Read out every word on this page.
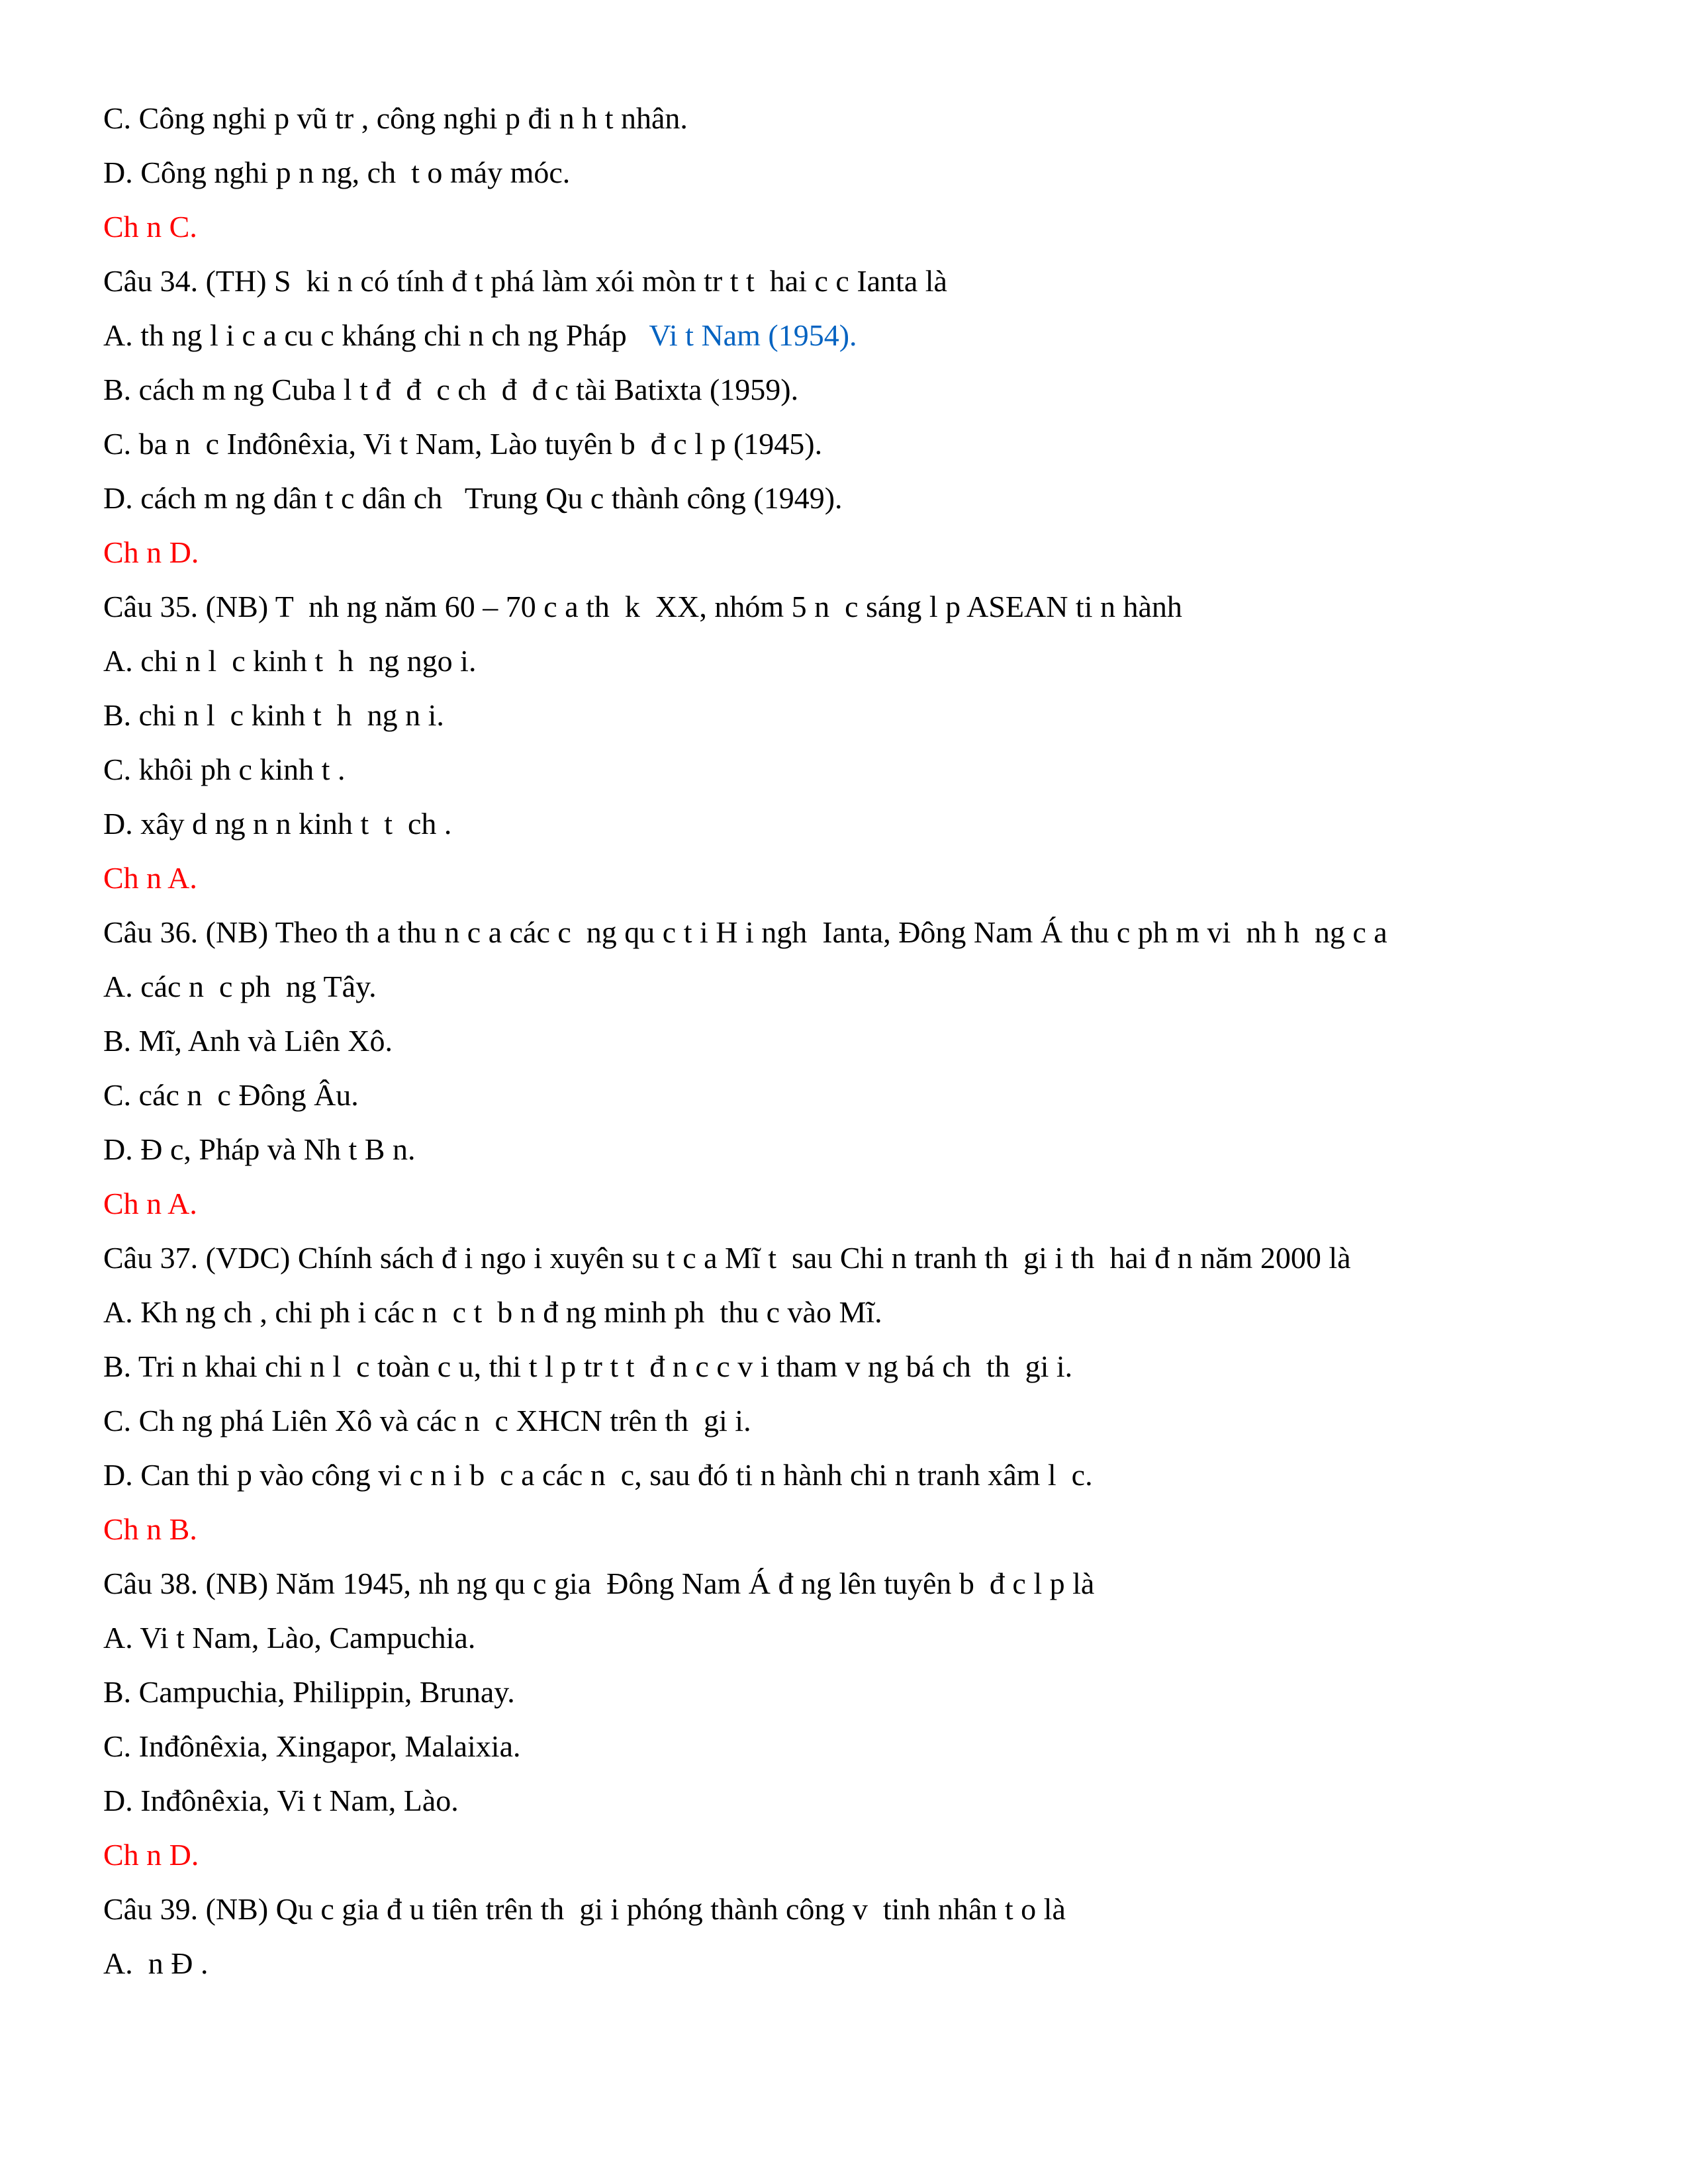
C. Công nghi p vũ tr , công nghi p đi n h t nhân.
D. Công nghi p n ng, ch  t o máy móc.
Ch n C.
Câu 34. (TH) S  ki n có tính đ t phá làm xói mòn tr t t  hai c c Ianta là
A. th ng l i c a cu c kháng chi n ch ng Pháp   Vi t Nam (1954).
B. cách m ng Cuba l t đ  đ  c ch  đ  đ c tài Batixta (1959).
C. ba n  c Inđônêxia, Vi t Nam, Lào tuyên b  đ c l p (1945).
D. cách m ng dân t c dân ch   Trung Qu c thành công (1949).
Ch n D.
Câu 35. (NB) T  nh ng năm 60 – 70 c a th  k  XX, nhóm 5 n  c sáng l p ASEAN ti n hành
A. chi n l  c kinh t  h  ng ngo i.
B. chi n l  c kinh t  h  ng n i.
C. khôi ph c kinh t .
D. xây d ng n n kinh t  t  ch .
Ch n A.
Câu 36. (NB) Theo th a thu n c a các c  ng qu c t i H i ngh  Ianta, Đông Nam Á thu c ph m vi  nh h  ng c a
A. các n  c ph  ng Tây.
B. Mĩ, Anh và Liên Xô.
C. các n  c Đông Âu.
D. Đ c, Pháp và Nh t B n.
Ch n A.
Câu 37. (VDC) Chính sách đ i ngo i xuyên su t c a Mĩ t  sau Chi n tranh th  gi i th  hai đ n năm 2000 là
A. Kh ng ch , chi ph i các n  c t  b n đ ng minh ph  thu c vào Mĩ.
B. Tri n khai chi n l  c toàn c u, thi t l p tr t t  đ n c c v i tham v ng bá ch  th  gi i.
C. Ch ng phá Liên Xô và các n  c XHCN trên th  gi i.
D. Can thi p vào công vi c n i b  c a các n  c, sau đó ti n hành chi n tranh xâm l  c.
Ch n B.
Câu 38. (NB) Năm 1945, nh ng qu c gia  Đông Nam Á đ ng lên tuyên b  đ c l p là
A. Vi t Nam, Lào, Campuchia.
B. Campuchia, Philippin, Brunay.
C. Inđônêxia, Xingapor, Malaixia.
D. Inđônêxia, Vi t Nam, Lào.
Ch n D.
Câu 39. (NB) Qu c gia đ u tiên trên th  gi i phóng thành công v  tinh nhân t o là
A.  n Đ .
